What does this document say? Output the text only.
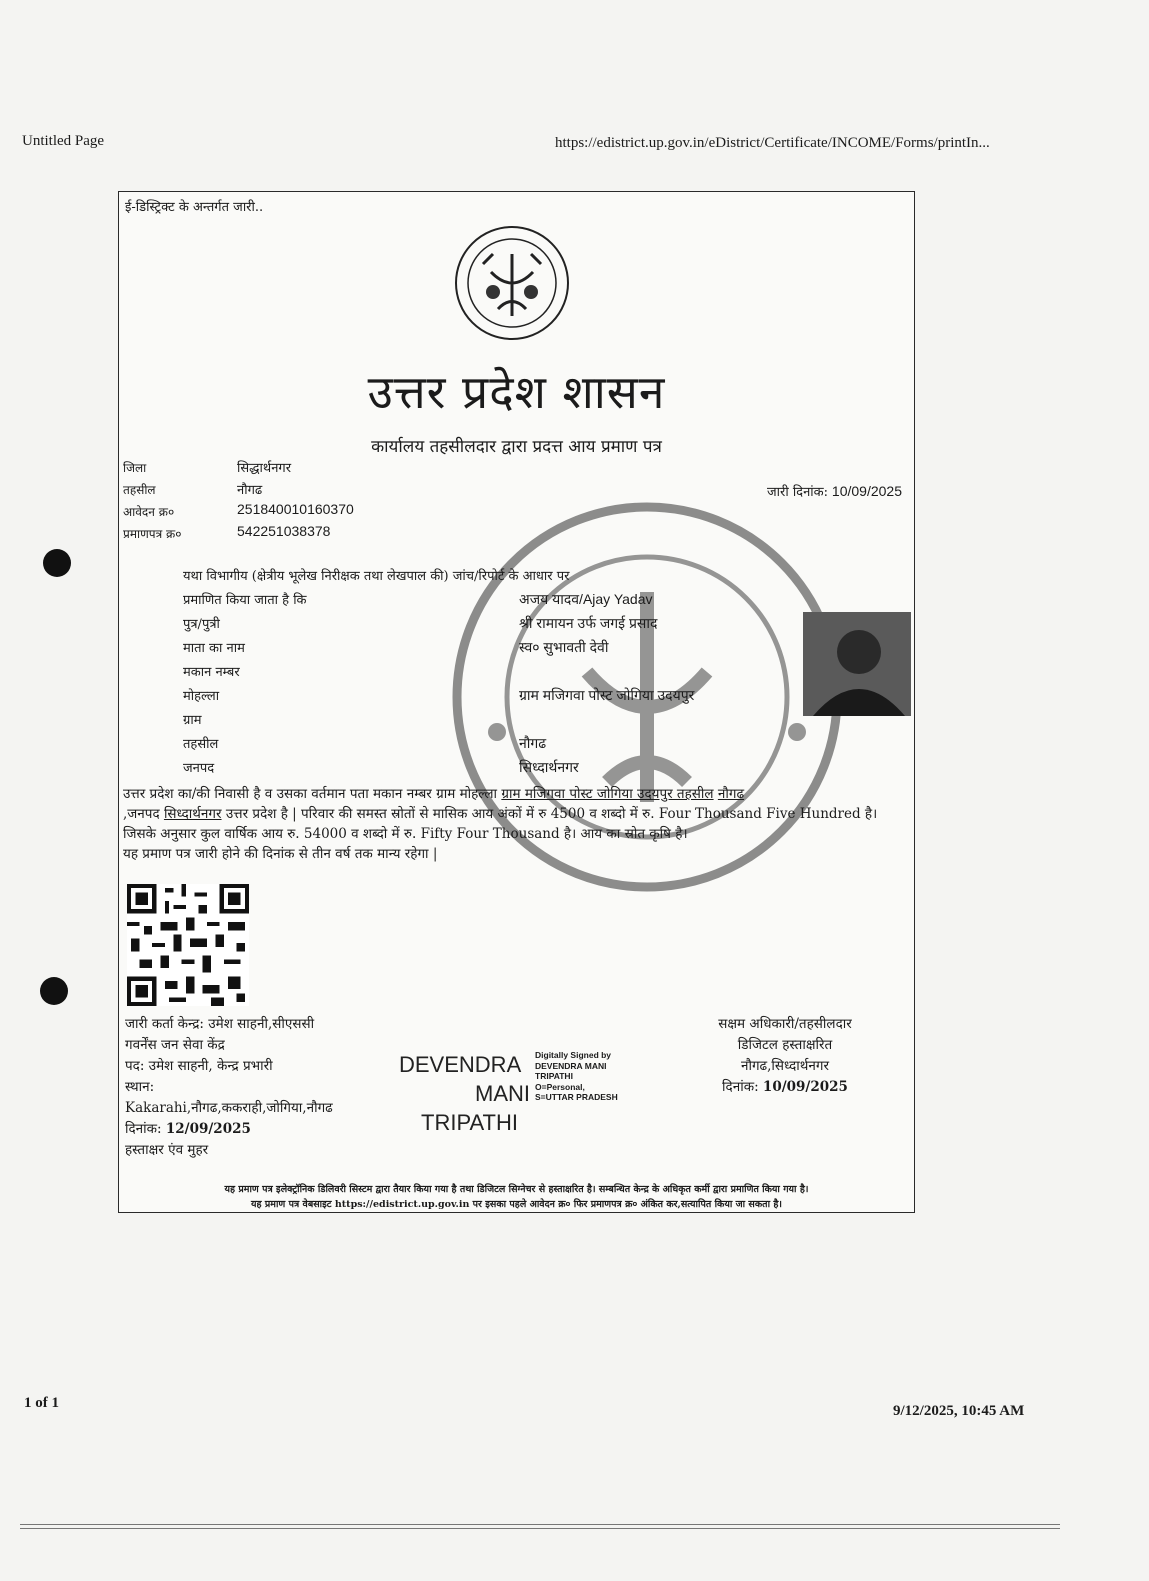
Untitled Page	https://edistrict.up.gov.in/eDistrict/Certificate/INCOME/Forms/printIn...
ई-डिस्ट्रिक्ट के अन्तर्गत जारी..
उत्तर प्रदेश शासन
कार्यालय तहसीलदार द्वारा प्रदत्त आय प्रमाण पत्र
जिला	सिद्धार्थनगर
तहसील	नौगढ
आवेदन क्र०	251840010160370
प्रमाणपत्र क्र०	542251038378
जारी दिनांक: 10/09/2025
यथा विभागीय (क्षेत्रीय भूलेख निरीक्षक तथा लेखपाल की) जांच/रिपोर्ट के आधार पर
प्रमाणित किया जाता है कि	अजय यादव/Ajay Yadav
पुत्र/पुत्री	श्री रामायन उर्फ जगई प्रसाद
माता का नाम	स्व० सुभावती देवी
मकान नम्बर
मोहल्ला	ग्राम मजिगवा पोस्ट जोगिया उदयपुर
ग्राम
तहसील	नौगढ
जनपद	सिध्दार्थनगर
उत्तर प्रदेश का/की निवासी है व उसका वर्तमान पता मकान नम्बर ग्राम मोहल्ला ग्राम मजिगवा पोस्ट जोगिया उदयपुर तहसील नौगढ
,जनपद सिध्दार्थनगर उत्तर प्रदेश है | परिवार की समस्त स्रोतों से मासिक आय अंकों में रु 4500 व शब्दो में रु. Four Thousand Five Hundred है। जिसके अनुसार कुल वार्षिक आय रु. 54000 व शब्दो में रु. Fifty Four Thousand है। आय का स्रोत कृषि है।
यह प्रमाण पत्र जारी होने की दिनांक से तीन वर्ष तक मान्य रहेगा |
जारी कर्ता केन्द्र: उमेश साहनी,सीएससी
गवर्नेंस जन सेवा केंद्र
पद: उमेश साहनी, केन्द्र प्रभारी
स्थान:
Kakarahi,नौगढ,ककराही,जोगिया,नौगढ
दिनांक: 12/09/2025
हस्ताक्षर एंव मुहर
DEVENDRA
MANI
TRIPATHI
Digitally Signed by
DEVENDRA MANI
TRIPATHI
O=Personal,
S=UTTAR PRADESH
सक्षम अधिकारी/तहसीलदार
डिजिटल हस्ताक्षरित
नौगढ,सिध्दार्थनगर
दिनांक: 10/09/2025
यह प्रमाण पत्र इलेक्ट्रॉनिक डिलिवरी सिस्टम द्वारा तैयार किया गया है तथा डिजिटल सिग्नेचर से हस्ताक्षरित है। सम्बन्धित केन्द्र के अधिकृत कर्मी द्वारा प्रमाणित किया गया है।
यह प्रमाण पत्र वेबसाइट https://edistrict.up.gov.in पर इसका पहले आवेदन क्र० फिर प्रमाणपत्र क्र० अंकित कर,सत्यापित किया जा सकता है।
1 of 1	9/12/2025, 10:45 AM
